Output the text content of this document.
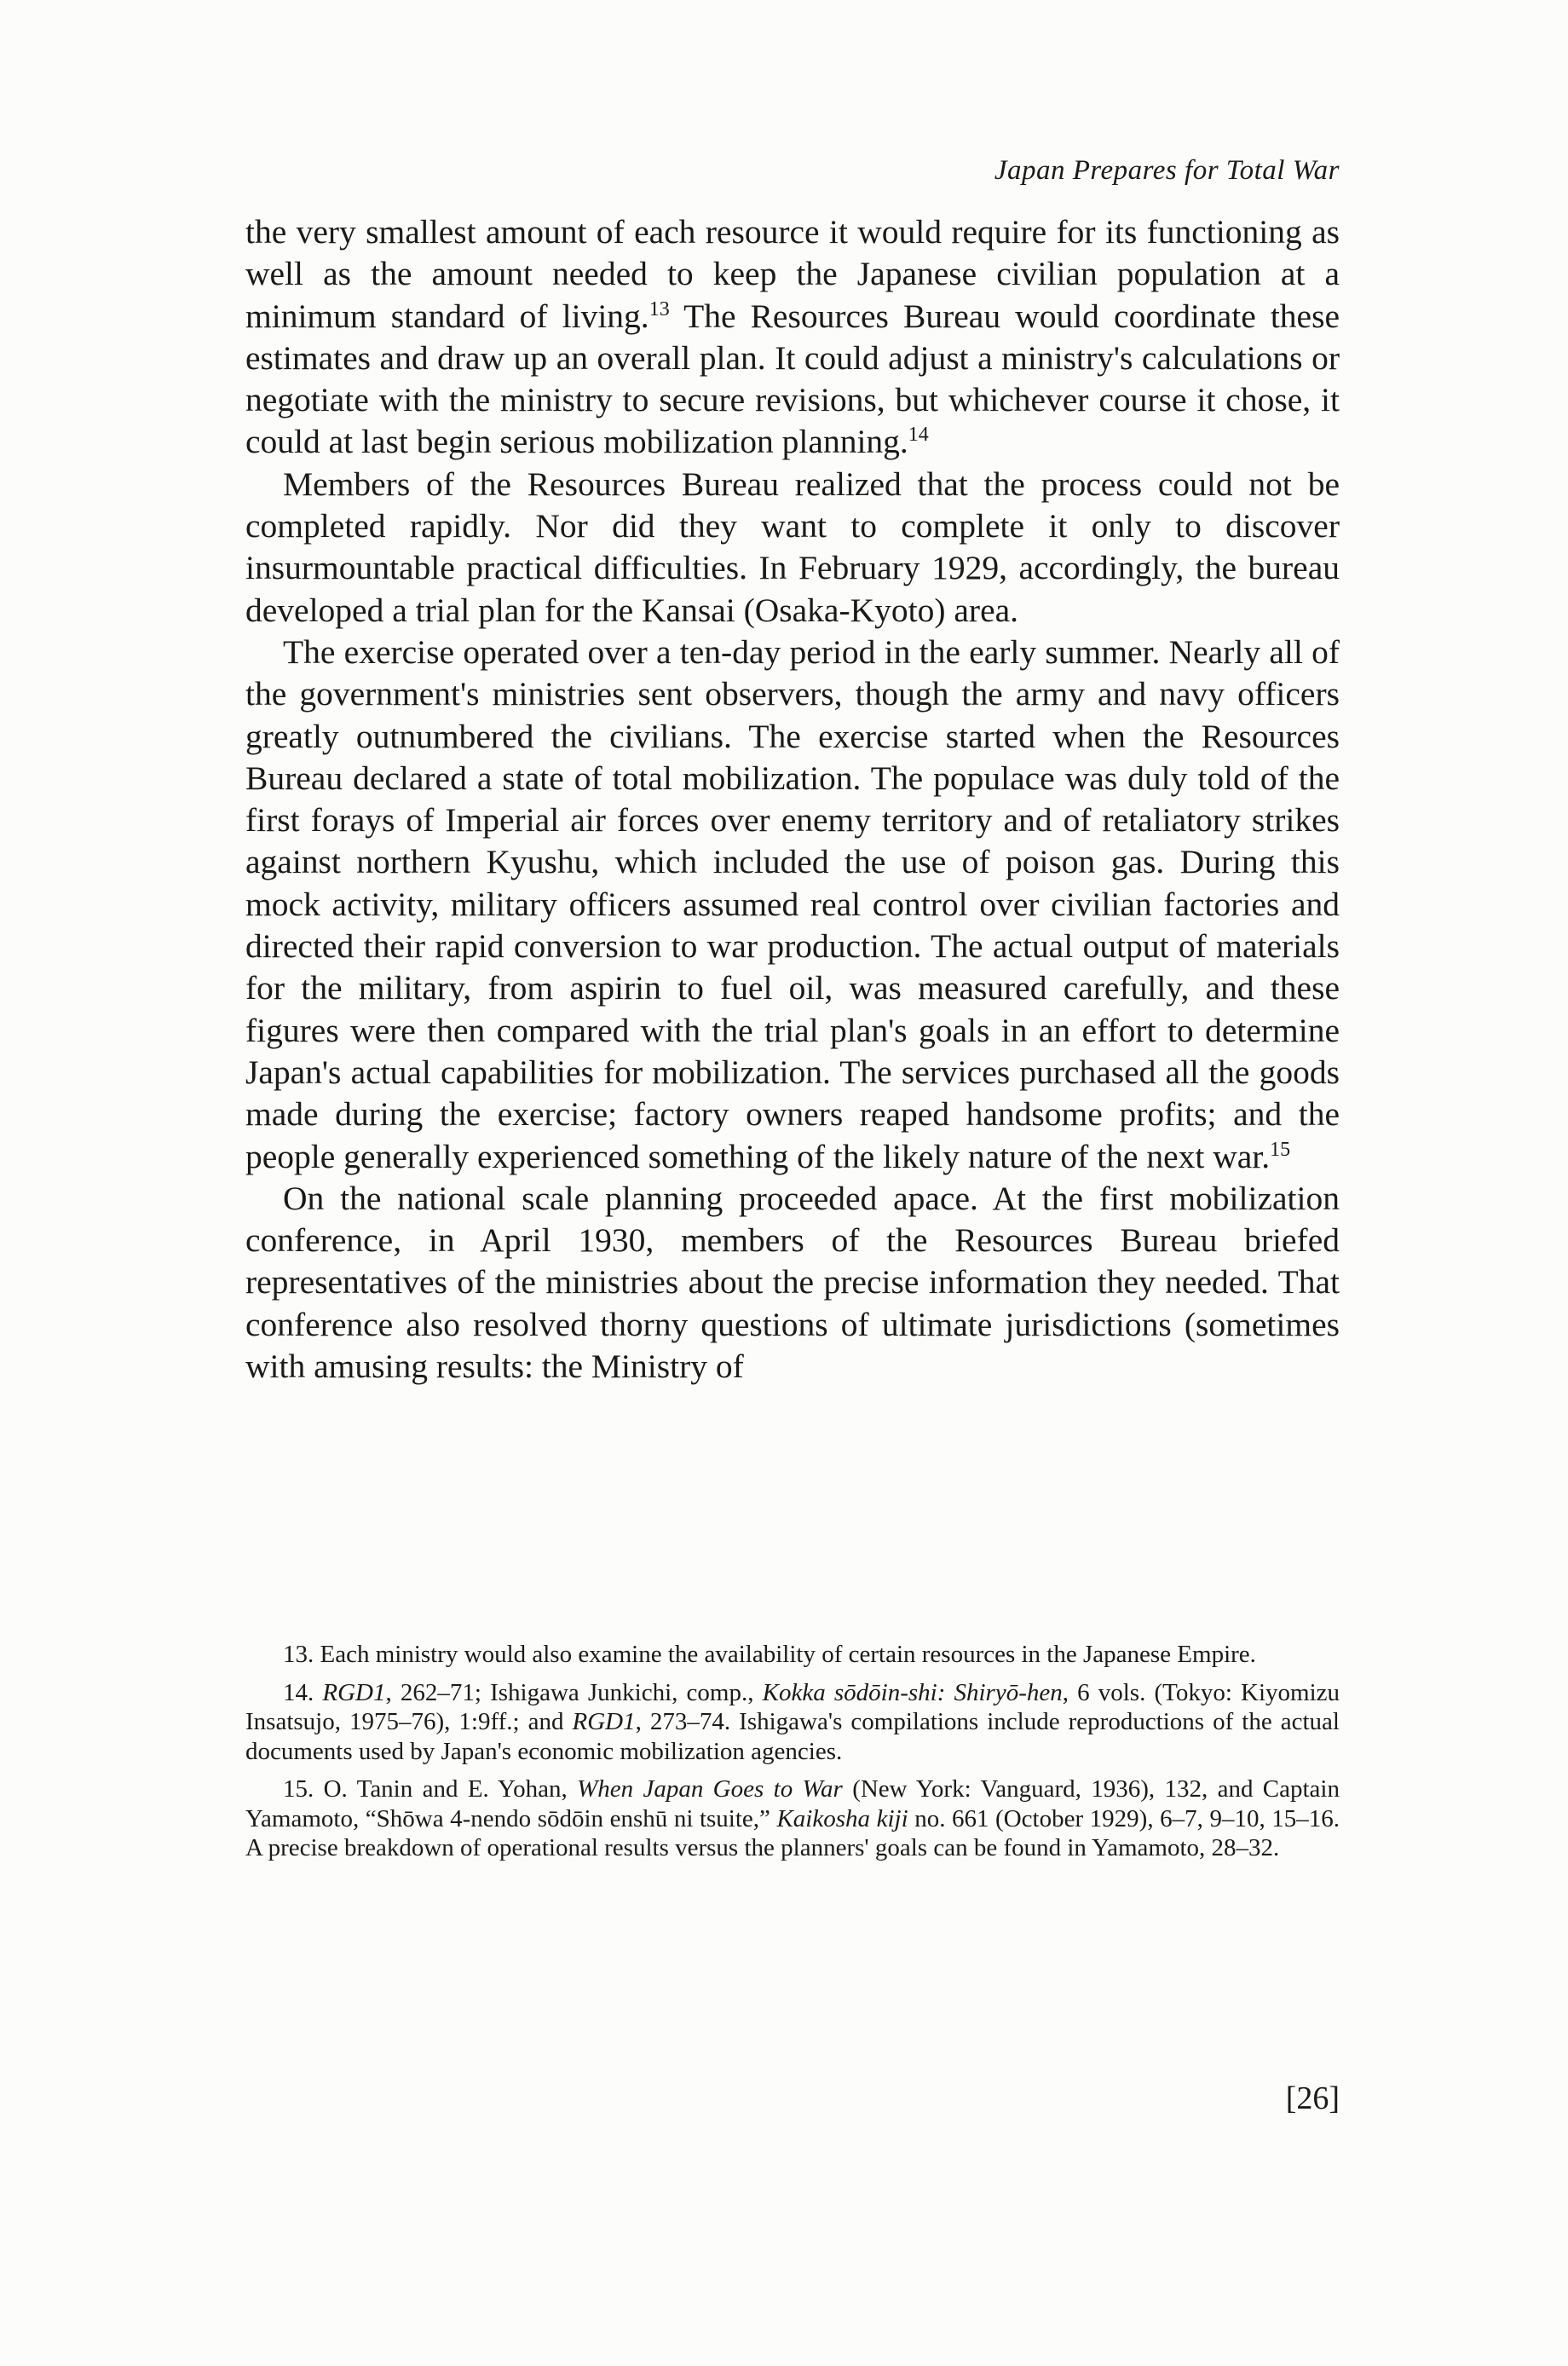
Japan Prepares for Total War

the very smallest amount of each resource it would require for its functioning as well as the amount needed to keep the Japanese civilian population at a minimum standard of living.$^{13}$ The Resources Bureau would coordinate these estimates and draw up an overall plan. It could adjust a ministry's calculations or negotiate with the ministry to secure revisions, but whichever course it chose, it could at last begin serious mobilization planning.$^{14}$

Members of the Resources Bureau realized that the process could not be completed rapidly. Nor did they want to complete it only to discover insurmountable practical difficulties. In February 1929, accordingly, the bureau developed a trial plan for the Kansai (Osaka-Kyoto) area.

The exercise operated over a ten-day period in the early summer. Nearly all of the government's ministries sent observers, though the army and navy officers greatly outnumbered the civilians. The exercise started when the Resources Bureau declared a state of total mobilization. The populace was duly told of the first forays of Imperial air forces over enemy territory and of retaliatory strikes against northern Kyushu, which included the use of poison gas. During this mock activity, military officers assumed real control over civilian factories and directed their rapid conversion to war production. The actual output of materials for the military, from aspirin to fuel oil, was measured carefully, and these figures were then compared with the trial plan's goals in an effort to determine Japan's actual capabilities for mobilization. The services purchased all the goods made during the exercise; factory owners reaped handsome profits; and the people generally experienced something of the likely nature of the next war.$^{15}$

On the national scale planning proceeded apace. At the first mobilization conference, in April 1930, members of the Resources Bureau briefed representatives of the ministries about the precise information they needed. That conference also resolved thorny questions of ultimate jurisdictions (sometimes with amusing results: the Ministry of

13. Each ministry would also examine the availability of certain resources in the Japanese Empire.

14. RGD1, 262–71; Ishigawa Junkichi, comp., Kokka sōdōin-shi: Shiryō-hen, 6 vols. (Tokyo: Kiyomizu Insatsujo, 1975–76), 1:9ff.; and RGD1, 273–74. Ishigawa's compilations include reproductions of the actual documents used by Japan's economic mobilization agencies.

15. O. Tanin and E. Yohan, When Japan Goes to War (New York: Vanguard, 1936), 132, and Captain Yamamoto, “Shōwa 4-nendo sōdōin enshū ni tsuite,” Kaikosha kiji no. 661 (October 1929), 6–7, 9–10, 15–16. A precise breakdown of operational results versus the planners' goals can be found in Yamamoto, 28–32.

[26]
